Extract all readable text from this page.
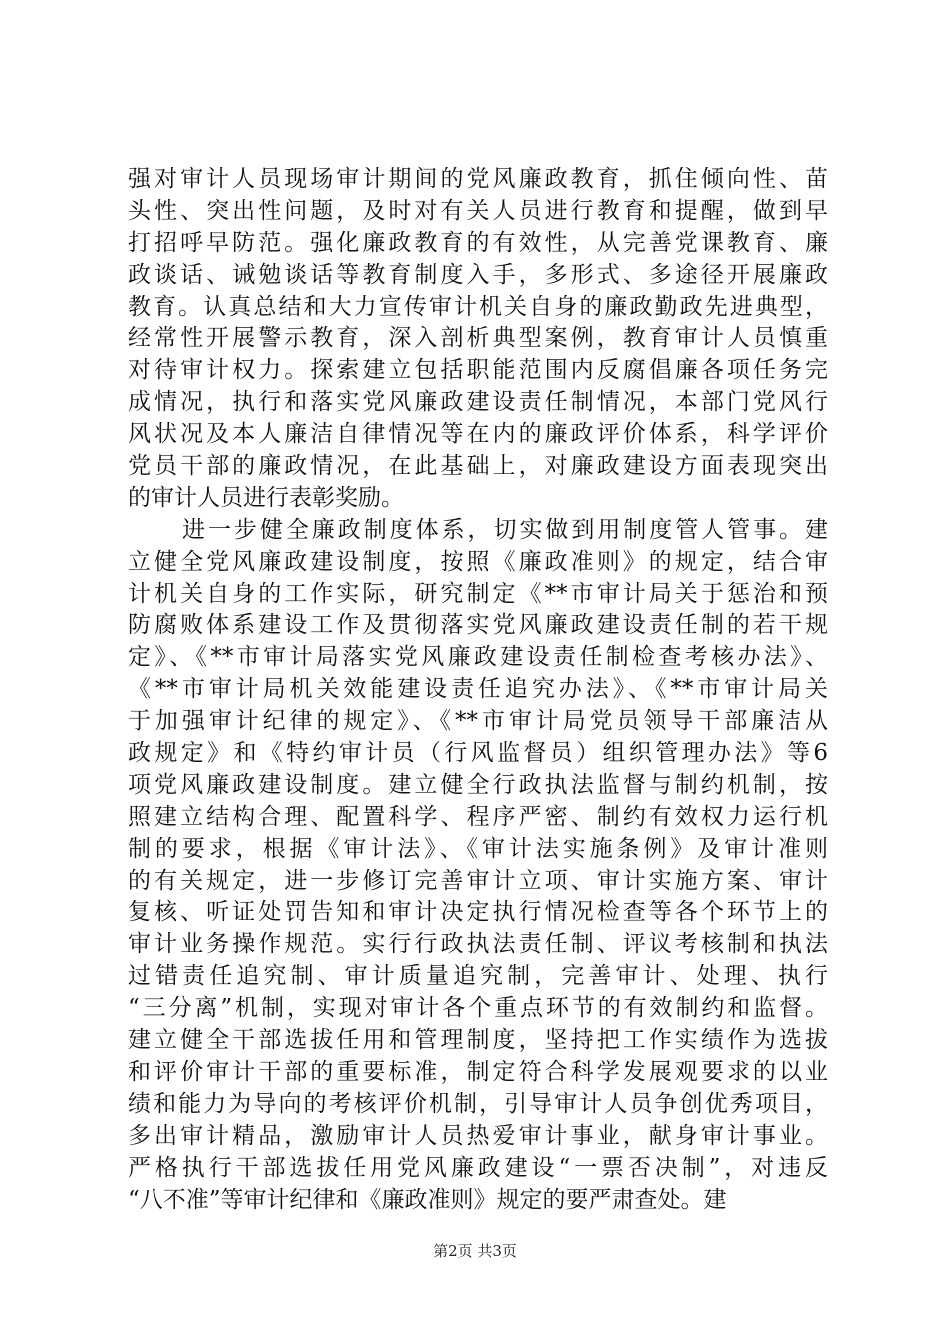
强对审计人员现场审计期间的党风廉政教育，抓住倾向性、苗
头性、突出性问题，及时对有关人员进行教育和提醒，做到早
打招呼早防范。强化廉政教育的有效性，从完善党课教育、廉
政谈话、诫勉谈话等教育制度入手，多形式、多途径开展廉政
教育。认真总结和大力宣传审计机关自身的廉政勤政先进典型，
经常性开展警示教育，深入剖析典型案例，教育审计人员慎重
对待审计权力。探索建立包括职能范围内反腐倡廉各项任务完
成情况，执行和落实党风廉政建设责任制情况，本部门党风行
风状况及本人廉洁自律情况等在内的廉政评价体系，科学评价
党员干部的廉政情况，在此基础上，对廉政建设方面表现突出
的审计人员进行表彰奖励。
进一步健全廉政制度体系，切实做到用制度管人管事。建
立健全党风廉政建设制度，按照《廉政准则》的规定，结合审
计机关自身的工作实际，研究制定《**市审计局关于惩治和预
防腐败体系建设工作及贯彻落实党风廉政建设责任制的若干规
定》、《**市审计局落实党风廉政建设责任制检查考核办法》、
《**市审计局机关效能建设责任追究办法》、《**市审计局关
于加强审计纪律的规定》、《**市审计局党员领导干部廉洁从
政规定》和《特约审计员（行风监督员）组织管理办法》等6
项党风廉政建设制度。建立健全行政执法监督与制约机制，按
照建立结构合理、配置科学、程序严密、制约有效权力运行机
制的要求，根据《审计法》、《审计法实施条例》及审计准则
的有关规定，进一步修订完善审计立项、审计实施方案、审计
复核、听证处罚告知和审计决定执行情况检查等各个环节上的
审计业务操作规范。实行行政执法责任制、评议考核制和执法
过错责任追究制、审计质量追究制，完善审计、处理、执行
“三分离”机制，实现对审计各个重点环节的有效制约和监督。
建立健全干部选拔任用和管理制度，坚持把工作实绩作为选拔
和评价审计干部的重要标准，制定符合科学发展观要求的以业
绩和能力为导向的考核评价机制，引导审计人员争创优秀项目，
多出审计精品，激励审计人员热爱审计事业，献身审计事业。
严格执行干部选拔任用党风廉政建设“一票否决制”，对违反
“八不准”等审计纪律和《廉政准则》规定的要严肃查处。建
第2页 共3页
